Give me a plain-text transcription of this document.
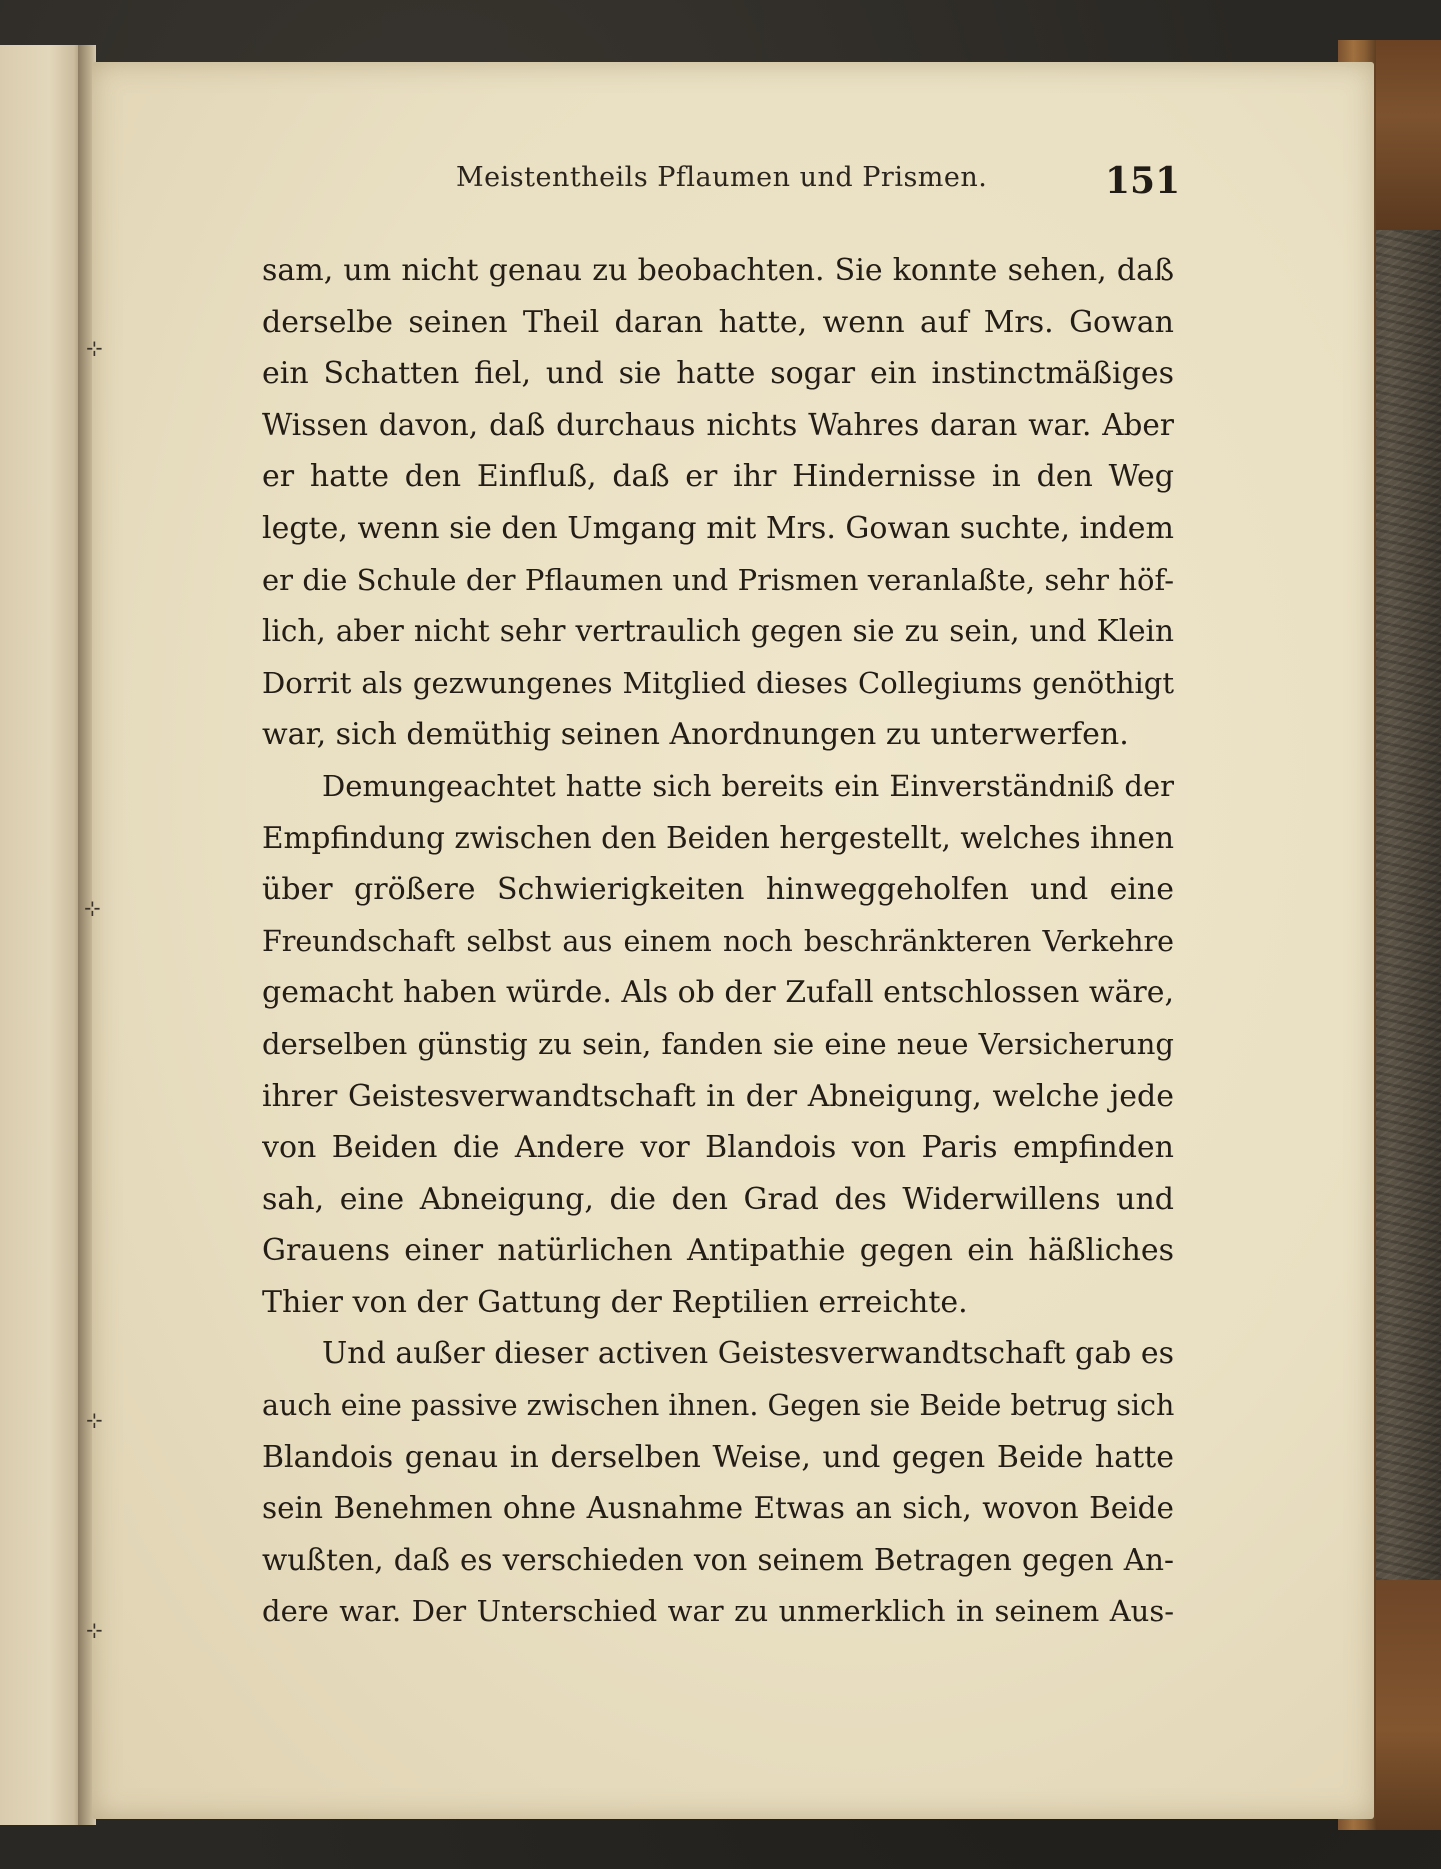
⊹
⊹
⊹
⊹
Meistentheils Pflaumen und Prismen.	151
sam, um nicht genau zu beobachten. Sie konnte sehen, daß
derselbe seinen Theil daran hatte, wenn auf Mrs. Gowan
ein Schatten fiel, und sie hatte sogar ein instinctmäßiges
Wissen davon, daß durchaus nichts Wahres daran war. Aber
er hatte den Einfluß, daß er ihr Hindernisse in den Weg
legte, wenn sie den Umgang mit Mrs. Gowan suchte, indem
er die Schule der Pflaumen und Prismen veranlaßte, sehr höf-
lich, aber nicht sehr vertraulich gegen sie zu sein, und Klein
Dorrit als gezwungenes Mitglied dieses Collegiums genöthigt
war, sich demüthig seinen Anordnungen zu unterwerfen.
Demungeachtet hatte sich bereits ein Einverständniß der
Empfindung zwischen den Beiden hergestellt, welches ihnen
über größere Schwierigkeiten hinweggeholfen und eine
Freundschaft selbst aus einem noch beschränkteren Verkehre
gemacht haben würde. Als ob der Zufall entschlossen wäre,
derselben günstig zu sein, fanden sie eine neue Versicherung
ihrer Geistesverwandtschaft in der Abneigung, welche jede
von Beiden die Andere vor Blandois von Paris empfinden
sah, eine Abneigung, die den Grad des Widerwillens und
Grauens einer natürlichen Antipathie gegen ein häßliches
Thier von der Gattung der Reptilien erreichte.
Und außer dieser activen Geistesverwandtschaft gab es
auch eine passive zwischen ihnen. Gegen sie Beide betrug sich
Blandois genau in derselben Weise, und gegen Beide hatte
sein Benehmen ohne Ausnahme Etwas an sich, wovon Beide
wußten, daß es verschieden von seinem Betragen gegen An-
dere war. Der Unterschied war zu unmerklich in seinem Aus-
